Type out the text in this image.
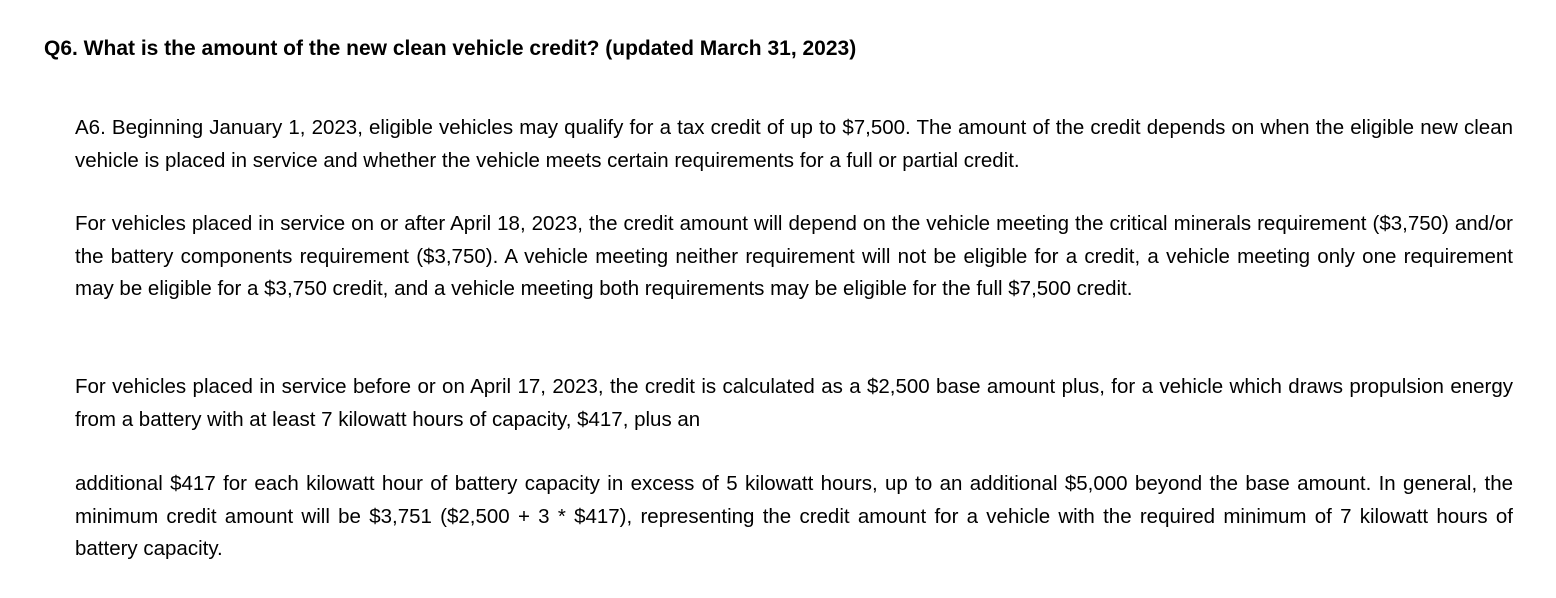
Q6. What is the amount of the new clean vehicle credit? (updated March 31, 2023)
A6. Beginning January 1, 2023, eligible vehicles may qualify for a tax credit of up to $7,500. The amount of the credit depends on when the eligible new clean vehicle is placed in service and whether the vehicle meets certain requirements for a full or partial credit.
For vehicles placed in service on or after April 18, 2023, the credit amount will depend on the vehicle meeting the critical minerals requirement ($3,750) and/or the battery components requirement ($3,750). A vehicle meeting neither requirement will not be eligible for a credit, a vehicle meeting only one requirement may be eligible for a $3,750 credit, and a vehicle meeting both requirements may be eligible for the full $7,500 credit.
For vehicles placed in service before or on April 17, 2023, the credit is calculated as a $2,500 base amount plus, for a vehicle which draws propulsion energy from a battery with at least 7 kilowatt hours of capacity, $417, plus an
additional $417 for each kilowatt hour of battery capacity in excess of 5 kilowatt hours, up to an additional $5,000 beyond the base amount. In general, the minimum credit amount will be $3,751 ($2,500 + 3 * $417), representing the credit amount for a vehicle with the required minimum of 7 kilowatt hours of battery capacity.
